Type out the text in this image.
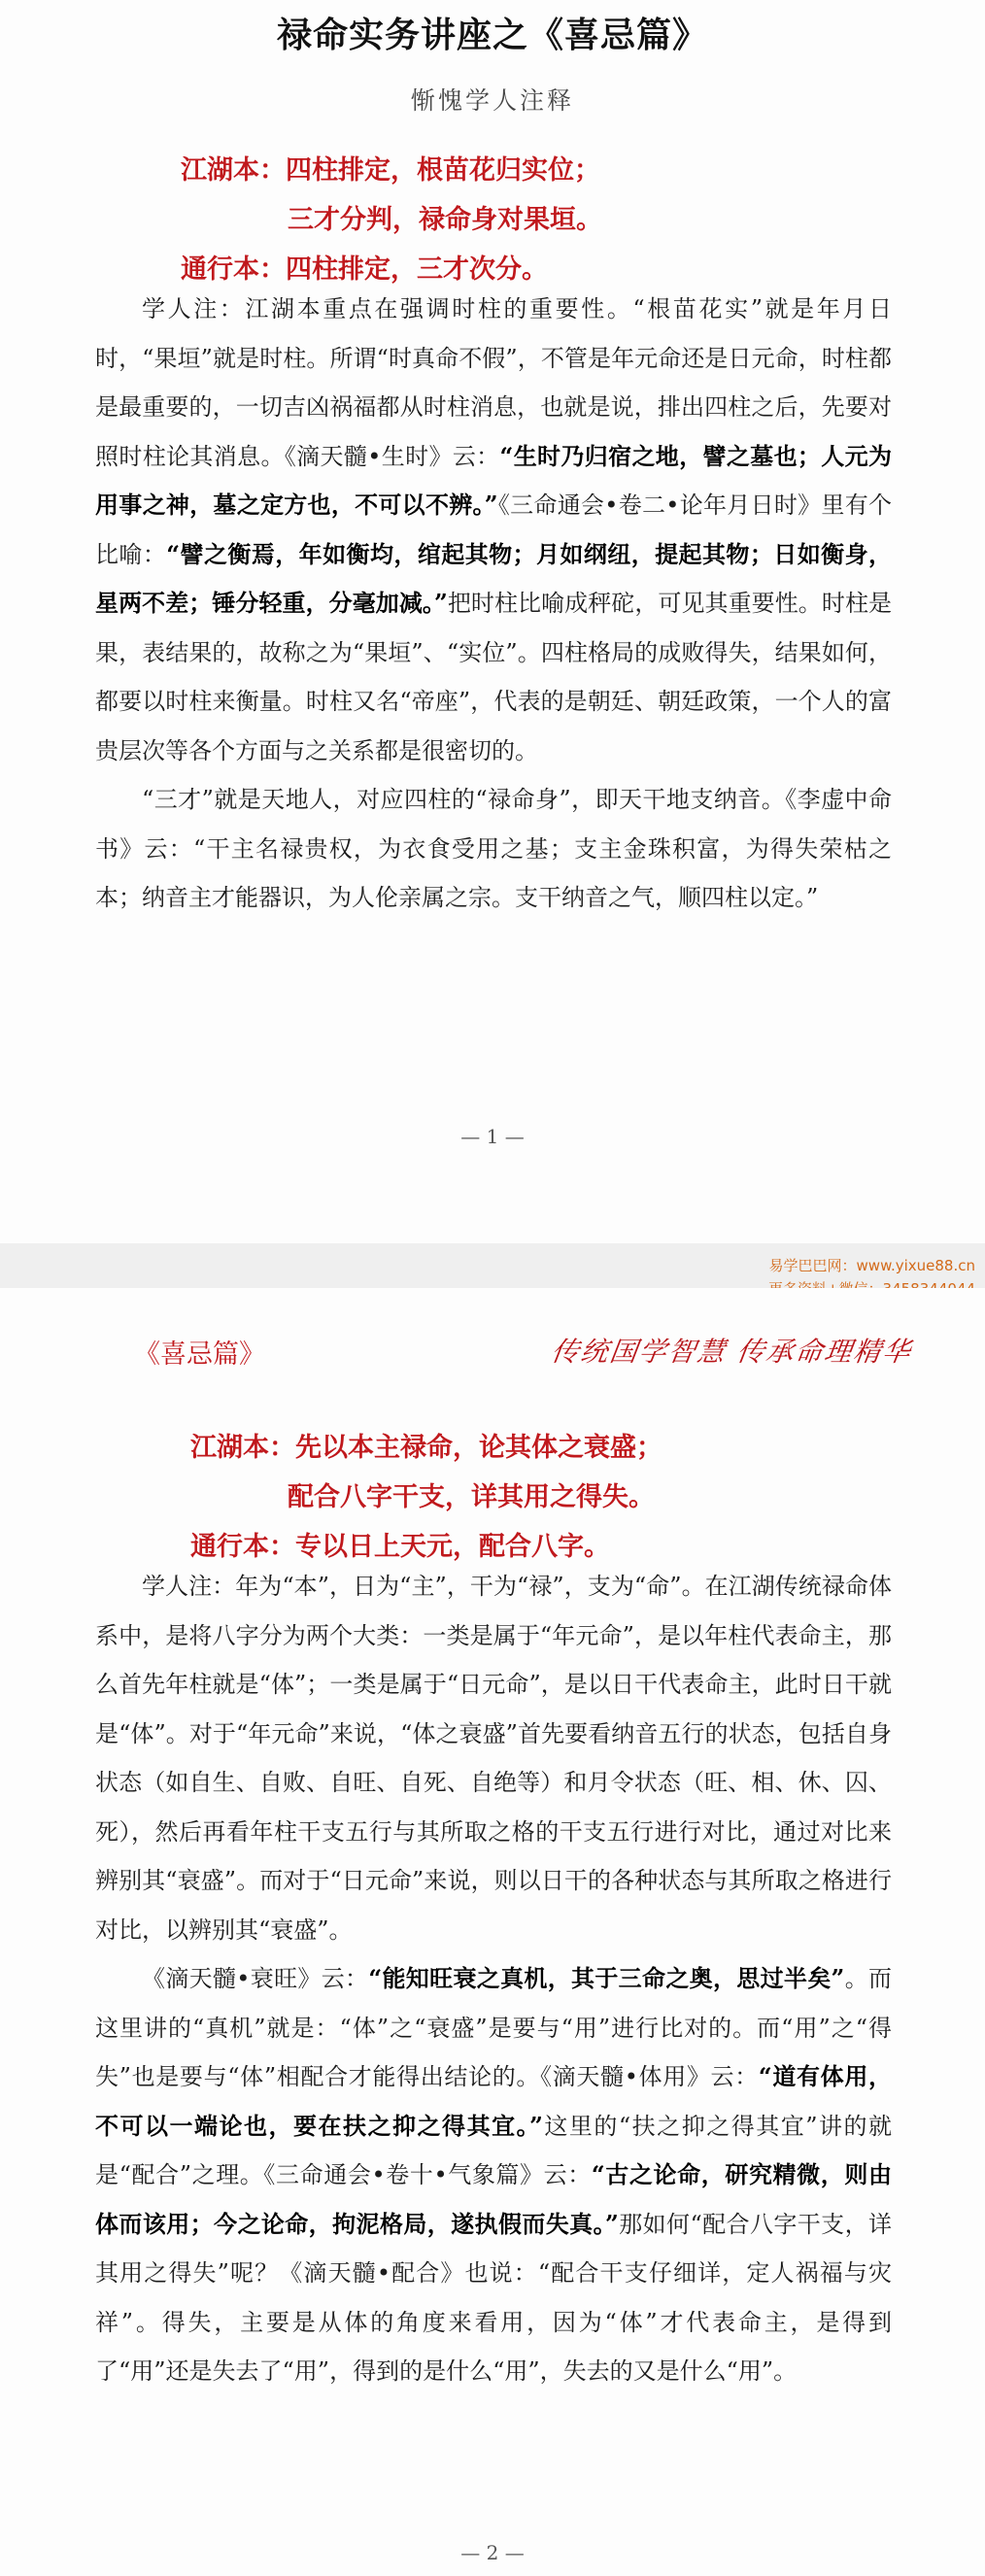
禄命实务讲座之《喜忌篇》
惭愧学人注释
江湖本：四柱排定，根苗花归实位；
三才分判，禄命身对果垣。
通行本：四柱排定，三才次分。

学人注：江湖本重点在强调时柱的重要性。“根苗花实”就是年月日时，“果垣”就是时柱。所谓“时真命不假”，不管是年元命还是日元命，时柱都是最重要的，一切吉凶祸福都从时柱消息，也就是说，排出四柱之后，先要对照时柱论其消息。《滴天髓•生时》云：“生时乃归宿之地，譬之墓也；人元为用事之神，墓之定方也，不可以不辨。”《三命通会•卷二•论年月日时》里有个比喻：“譬之衡焉，年如衡均，绾起其物；月如纲纽，提起其物；日如衡身，星两不差；锤分轻重，分毫加减。”把时柱比喻成秤砣，可见其重要性。时柱是果，表结果的，故称之为“果垣”、“实位”。四柱格局的成败得失，结果如何，都要以时柱来衡量。时柱又名“帝座”，代表的是朝廷、朝廷政策，一个人的富贵层次等各个方面与之关系都是很密切的。

“三才”就是天地人，对应四柱的“禄命身”，即天干地支纳音。《李虚中命书》云：“干主名禄贵权，为衣食受用之基；支主金珠积富，为得失荣枯之本；纳音主才能器识，为人伦亲属之宗。支干纳音之气，顺四柱以定。”

— 1 —
易学巴巴网：www.yixue88.cn
《喜忌篇》	传统国学智慧 传承命理精华
江湖本：先以本主禄命，论其体之衰盛；
配合八字干支，详其用之得失。
通行本：专以日上天元，配合八字。

学人注：年为“本”，日为“主”，干为“禄”，支为“命”。在江湖传统禄命体系中，是将八字分为两个大类：一类是属于“年元命”，是以年柱代表命主，那么首先年柱就是“体”；一类是属于“日元命”，是以日干代表命主，此时日干就是“体”。对于“年元命”来说，“体之衰盛”首先要看纳音五行的状态，包括自身状态（如自生、自败、自旺、自死、自绝等）和月令状态（旺、相、休、囚、死），然后再看年柱干支五行与其所取之格的干支五行进行对比，通过对比来辨别其“衰盛”。而对于“日元命”来说，则以日干的各种状态与其所取之格进行对比，以辨别其“衰盛”。

《滴天髓•衰旺》云：“能知旺衰之真机，其于三命之奥，思过半矣”。而这里讲的“真机”就是：“体”之“衰盛”是要与“用”进行比对的。而“用”之“得失”也是要与“体”相配合才能得出结论的。《滴天髓•体用》云：“道有体用，不可以一端论也，要在扶之抑之得其宜。”这里的“扶之抑之得其宜”讲的就是“配合”之理。《三命通会•卷十•气象篇》云：“古之论命，研究精微，则由体而该用；今之论命，拘泥格局，遂执假而失真。”那如何“配合八字干支，详其用之得失”呢？《滴天髓•配合》也说：“配合干支仔细详，定人祸福与灾祥”。得失，主要是从体的角度来看用，因为“体”才代表命主，是得到了“用”还是失去了“用”，得到的是什么“用”，失去的又是什么“用”。

— 2 —
